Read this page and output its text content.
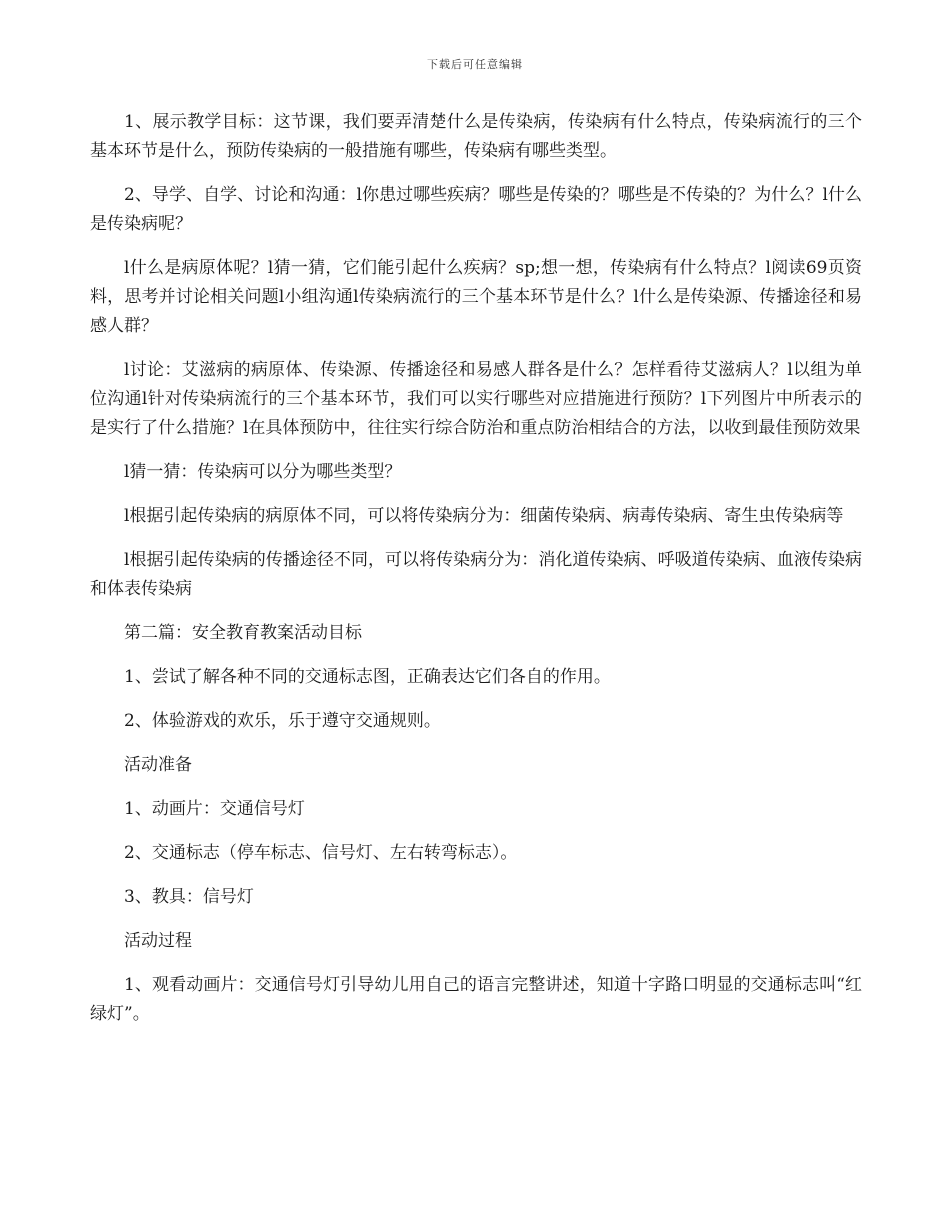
下载后可任意编辑

1、展示教学目标：这节课，我们要弄清楚什么是传染病，传染病有什么特点，传染病流行的三个基本环节是什么，预防传染病的一般措施有哪些，传染病有哪些类型。

2、导学、自学、讨论和沟通：l你患过哪些疾病？哪些是传染的？哪些是不传染的？为什么？l什么是传染病呢？

l什么是病原体呢？l猜一猜，它们能引起什么疾病？sp;想一想，传染病有什么特点？l阅读69页资料，思考并讨论相关问题l小组沟通l传染病流行的三个基本环节是什么？l什么是传染源、传播途径和易感人群？

l讨论：艾滋病的病原体、传染源、传播途径和易感人群各是什么？怎样看待艾滋病人？l以组为单位沟通l针对传染病流行的三个基本环节，我们可以实行哪些对应措施进行预防？l下列图片中所表示的是实行了什么措施？l在具体预防中，往往实行综合防治和重点防治相结合的方法，以收到最佳预防效果

l猜一猜：传染病可以分为哪些类型？

l根据引起传染病的病原体不同，可以将传染病分为：细菌传染病、病毒传染病、寄生虫传染病等

l根据引起传染病的传播途径不同，可以将传染病分为：消化道传染病、呼吸道传染病、血液传染病和体表传染病

第二篇：安全教育教案活动目标

1、尝试了解各种不同的交通标志图，正确表达它们各自的作用。

2、体验游戏的欢乐，乐于遵守交通规则。

活动准备

1、动画片：交通信号灯

2、交通标志（停车标志、信号灯、左右转弯标志）。

3、教具：信号灯

活动过程

1、观看动画片：交通信号灯引导幼儿用自己的语言完整讲述，知道十字路口明显的交通标志叫“红绿灯”。
